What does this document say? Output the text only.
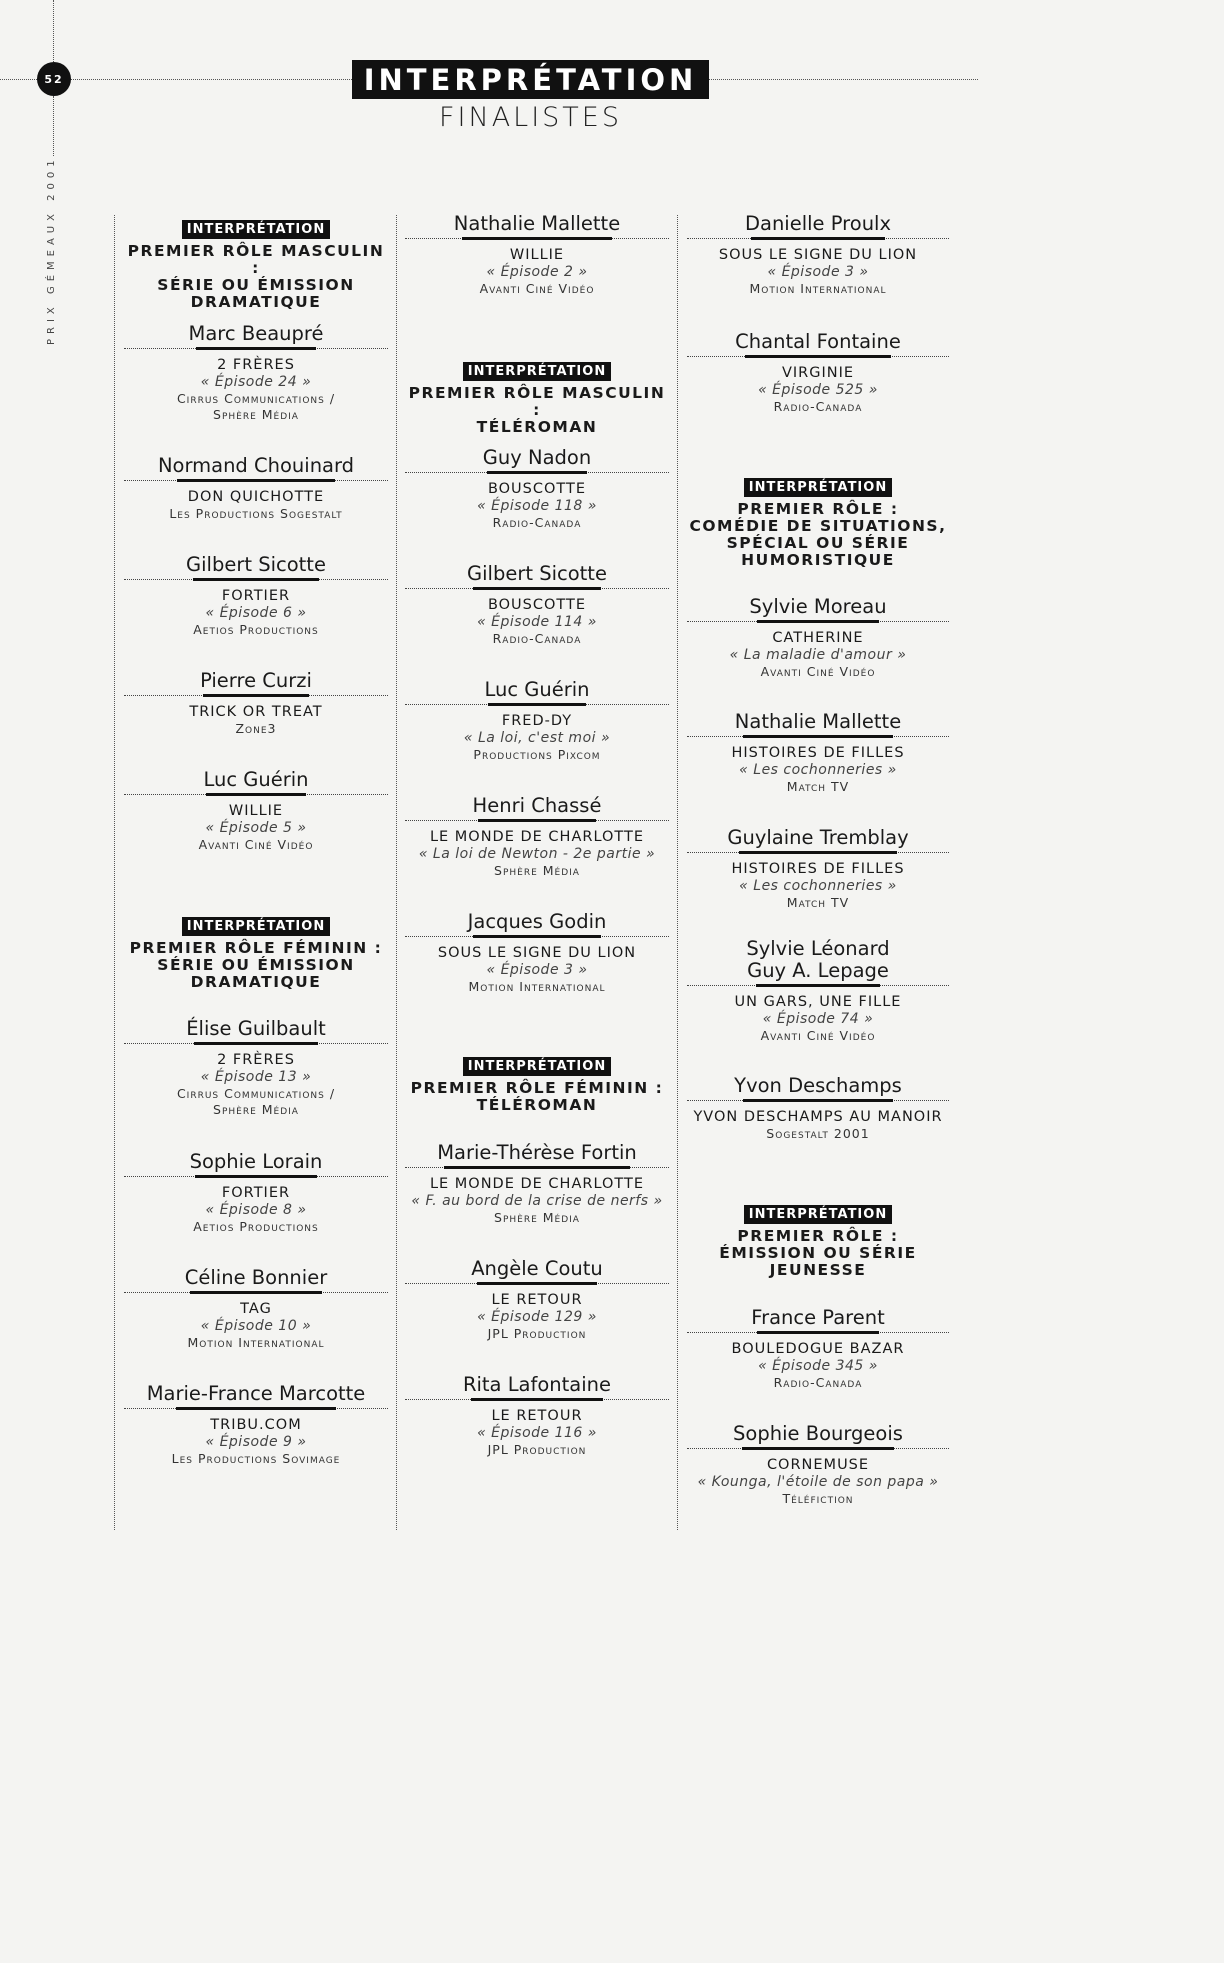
52
PRIX GÉMEAUX 2001
INTERPRÉTATION
FINALISTES
INTERPRÉTATION
PREMIER RÔLE MASCULIN :
SÉRIE OU ÉMISSION
DRAMATIQUE
Marc Beaupré
2 FRÈRES
« Épisode 24 »
Cirrus Communications /
Sphère Média
Normand Chouinard
DON QUICHOTTE
Les Productions Sogestalt
Gilbert Sicotte
FORTIER
« Épisode 6 »
Aetios Productions
Pierre Curzi
TRICK OR TREAT
Zone3
Luc Guérin
WILLIE
« Épisode 5 »
Avanti Ciné Vidéo
INTERPRÉTATION
PREMIER RÔLE FÉMININ :
SÉRIE OU ÉMISSION
DRAMATIQUE
Élise Guilbault
2 FRÈRES
« Épisode 13 »
Cirrus Communications /
Sphère Média
Sophie Lorain
FORTIER
« Épisode 8 »
Aetios Productions
Céline Bonnier
TAG
« Épisode 10 »
Motion International
Marie-France Marcotte
TRIBU.COM
« Épisode 9 »
Les Productions Sovimage
Nathalie Mallette
WILLIE
« Épisode 2 »
Avanti Ciné Vidéo
INTERPRÉTATION
PREMIER RÔLE MASCULIN :
TÉLÉROMAN
Guy Nadon
BOUSCOTTE
« Épisode 118 »
Radio-Canada
Gilbert Sicotte
BOUSCOTTE
« Épisode 114 »
Radio-Canada
Luc Guérin
FRED-DY
« La loi, c'est moi »
Productions Pixcom
Henri Chassé
LE MONDE DE CHARLOTTE
« La loi de Newton - 2e partie »
Sphère Média
Jacques Godin
SOUS LE SIGNE DU LION
« Épisode 3 »
Motion International
INTERPRÉTATION
PREMIER RÔLE FÉMININ :
TÉLÉROMAN
Marie-Thérèse Fortin
LE MONDE DE CHARLOTTE
« F. au bord de la crise de nerfs »
Sphère Média
Angèle Coutu
LE RETOUR
« Épisode 129 »
JPL Production
Rita Lafontaine
LE RETOUR
« Épisode 116 »
JPL Production
Danielle Proulx
SOUS LE SIGNE DU LION
« Épisode 3 »
Motion International
Chantal Fontaine
VIRGINIE
« Épisode 525 »
Radio-Canada
INTERPRÉTATION
PREMIER RÔLE :
COMÉDIE DE SITUATIONS,
SPÉCIAL OU SÉRIE
HUMORISTIQUE
Sylvie Moreau
CATHERINE
« La maladie d'amour »
Avanti Ciné Vidéo
Nathalie Mallette
HISTOIRES DE FILLES
« Les cochonneries »
Match TV
Guylaine Tremblay
HISTOIRES DE FILLES
« Les cochonneries »
Match TV
Sylvie Léonard
Guy A. Lepage
UN GARS, UNE FILLE
« Épisode 74 »
Avanti Ciné Vidéo
Yvon Deschamps
YVON DESCHAMPS AU MANOIR
Sogestalt 2001
INTERPRÉTATION
PREMIER RÔLE :
ÉMISSION OU SÉRIE
JEUNESSE
France Parent
BOULEDOGUE BAZAR
« Épisode 345 »
Radio-Canada
Sophie Bourgeois
CORNEMUSE
« Kounga, l'étoile de son papa »
Téléfiction
